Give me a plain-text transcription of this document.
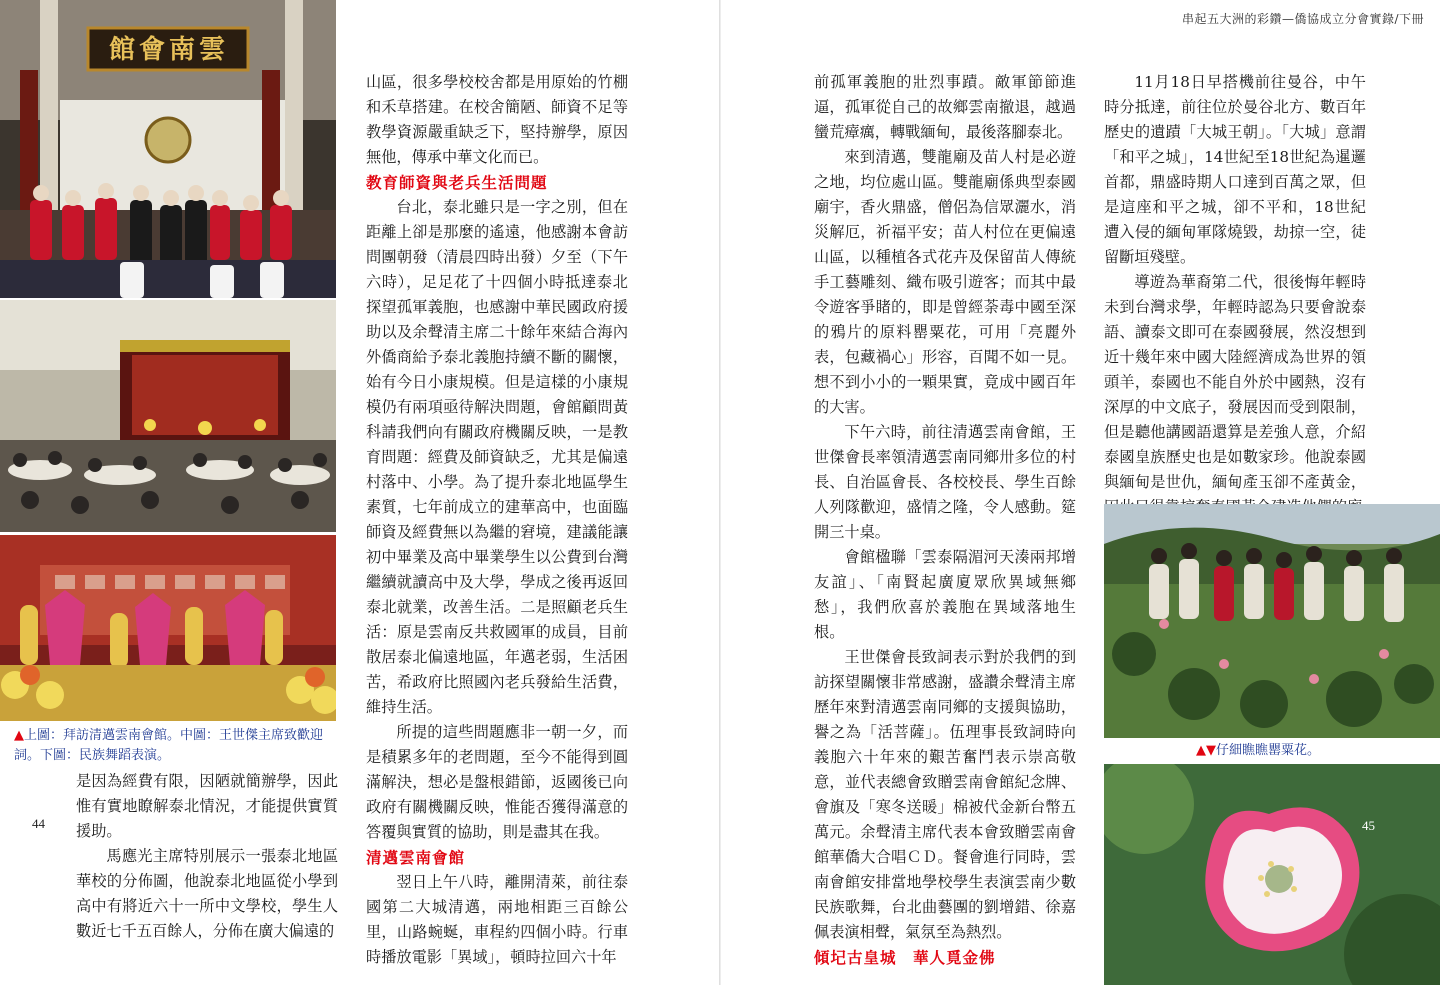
串起五大洲的彩鑽—僑協成立分會實錄/下冊
雲南會館
▲上圖：拜訪清邁雲南會館。中圖：王世傑主席致歡迎詞。下圖：民族舞蹈表演。
44

是因為經費有限，因陋就簡辦學，因此惟有實地瞭解泰北情況，才能提供實質援助。

馬應光主席特別展示一張泰北地區華校的分佈圖，他說泰北地區從小學到高中有將近六十一所中文學校，學生人數近七千五百餘人，分佈在廣大偏遠的

山區，很多學校校舍都是用原始的竹棚和禾草搭建。在校舍簡陋、師資不足等教學資源嚴重缺乏下，堅持辦學，原因無他，傳承中華文化而已。

教育師資與老兵生活問題

台北，泰北雖只是一字之別，但在距離上卻是那麼的遙遠，他感謝本會訪問團朝發（清晨四時出發）夕至（下午六時），足足花了十四個小時抵達泰北探望孤軍義胞，也感謝中華民國政府援助以及余聲清主席二十餘年來結合海內外僑商給予泰北義胞持續不斷的關懷，始有今日小康規模。但是這樣的小康規模仍有兩項亟待解決問題，會館顧問黃科請我們向有關政府機關反映，一是教育問題：經費及師資缺乏，尤其是偏遠村落中、小學。為了提升泰北地區學生素質，七年前成立的建華高中，也面臨師資及經費無以為繼的窘境，建議能讓初中畢業及高中畢業學生以公費到台灣繼續就讀高中及大學，學成之後再返回泰北就業，改善生活。二是照顧老兵生活：原是雲南反共救國軍的成員，目前散居泰北偏遠地區，年邁老弱，生活困苦，希政府比照國內老兵發給生活費，維持生活。

所提的這些問題應非一朝一夕，而是積累多年的老問題，至今不能得到圓滿解決，想必是盤根錯節，返國後已向政府有關機關反映，惟能否獲得滿意的答覆與實質的協助，則是盡其在我。

清邁雲南會館

翌日上午八時，離開清萊，前往泰國第二大城清邁，兩地相距三百餘公里，山路蜿蜒，車程約四個小時。行車時播放電影「異域」，頓時拉回六十年

前孤軍義胞的壯烈事蹟。敵軍節節進逼，孤軍從自己的故鄉雲南撤退，越過蠻荒瘴癘，轉戰緬甸，最後落腳泰北。

來到清邁，雙龍廟及苗人村是必遊之地，均位處山區。雙龍廟係典型泰國廟宇，香火鼎盛，僧侶為信眾灑水，消災解厄，祈福平安；苗人村位在更偏遠山區，以種植各式花卉及保留苗人傳統手工藝雕刻、織布吸引遊客；而其中最令遊客爭睹的，即是曾經荼毒中國至深的鴉片的原料罌粟花，可用「亮麗外表，包藏禍心」形容，百聞不如一見。想不到小小的一顆果實，竟成中國百年的大害。

下午六時，前往清邁雲南會館，王世傑會長率領清邁雲南同鄉卅多位的村長、自治區會長、各校校長、學生百餘人列隊歡迎，盛情之隆，令人感動。筵開三十桌。

會館楹聯「雲泰隔湄河天湊兩邦增友誼」、「南賢起廣廈眾欣異域無鄉愁」，我們欣喜於義胞在異域落地生根。

王世傑會長致詞表示對於我們的到訪探望關懷非常感謝，盛讚余聲清主席歷年來對清邁雲南同鄉的支援與協助，譽之為「活菩薩」。伍理事長致詞時向義胞六十年來的艱苦奮鬥表示崇高敬意，並代表總會致贈雲南會館紀念牌、會旗及「寒冬送暖」棉被代金新台幣五萬元。余聲清主席代表本會致贈雲南會館華僑大合唱ＣＤ。餐會進行同時，雲南會館安排當地學校學生表演雲南少數民族歌舞，台北曲藝團的劉增錯、徐嘉佩表演相聲，氣氛至為熱烈。

傾圮古皇城　華人覓金佛

11月18日早搭機前往曼谷，中午時分抵達，前往位於曼谷北方、數百年歷史的遺蹟「大城王朝」。「大城」意謂「和平之城」，14世紀至18世紀為暹邏首都，鼎盛時期人口達到百萬之眾，但是這座和平之城，卻不平和，18世紀遭入侵的緬甸軍隊燒毀，劫掠一空，徒留斷垣殘壁。

導遊為華裔第二代，很後悔年輕時未到台灣求學，年輕時認為只要會說泰語、讀泰文即可在泰國發展，然沒想到近十幾年來中國大陸經濟成為世界的領頭羊，泰國也不能自外於中國熱，沒有深厚的中文底子，發展因而受到限制，但是聽他講國語還算是差強人意，介紹泰國皇族歷史也是如數家珍。他說泰國與緬甸是世仇，緬甸產玉卻不產黃金，

▲▼仔細瞧瞧罌粟花。
45
